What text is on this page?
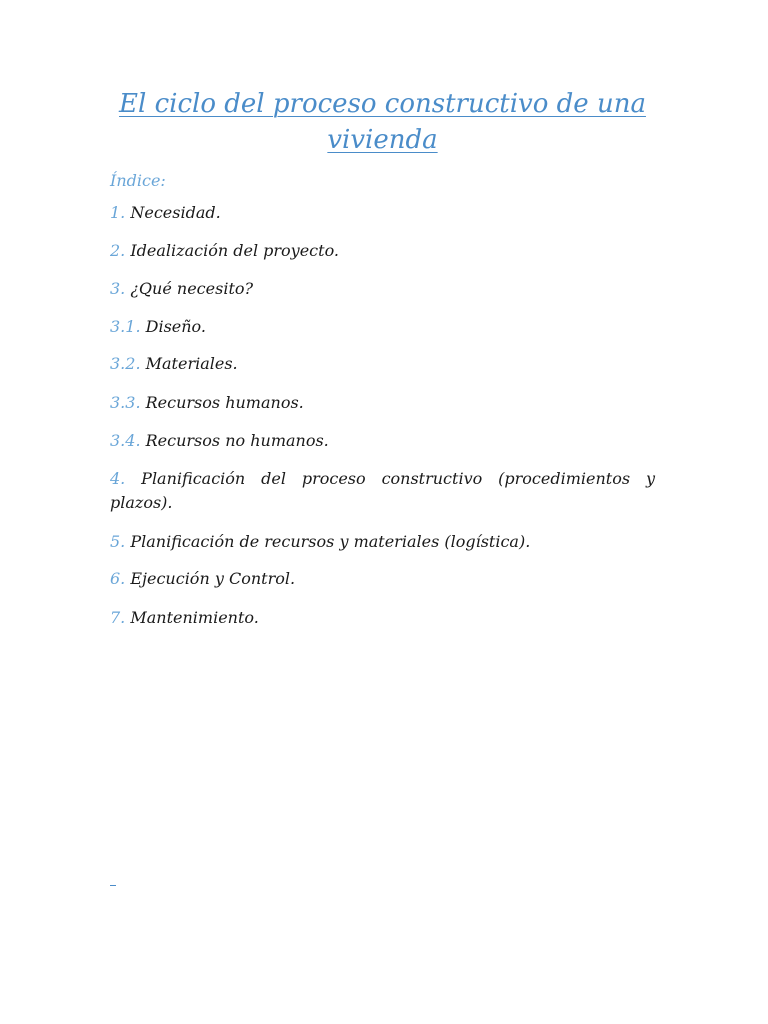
El ciclo del proceso constructivo de una vivienda
Índice:
1. Necesidad.
2. Idealización del proyecto.
3. ¿Qué necesito?
3.1. Diseño.
3.2. Materiales.
3.3. Recursos humanos.
3.4. Recursos no humanos.
4. Planificación del proceso constructivo (procedimientos y plazos).
5. Planificación de recursos y materiales (logística).
6. Ejecución y Control.
7. Mantenimiento.
